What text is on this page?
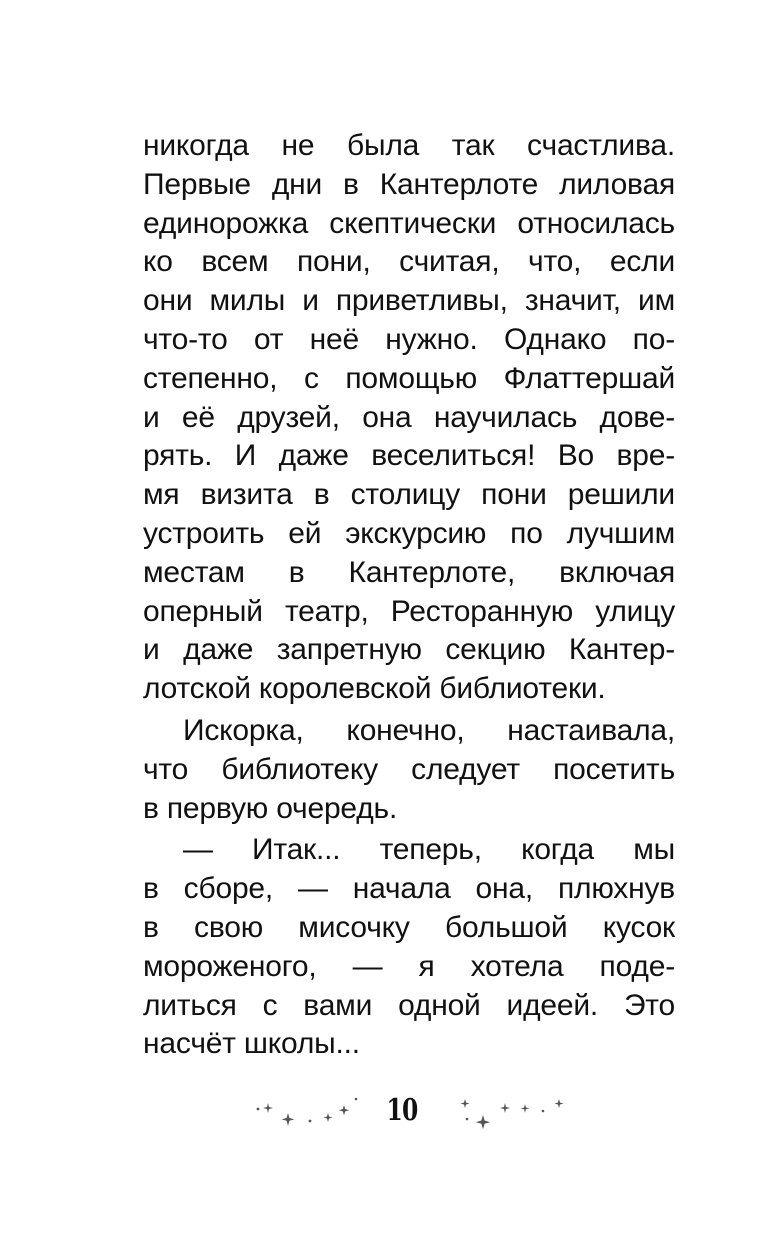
никогда не была так счастлива.
Первые дни в Кантерлоте лиловая
единорожка скептически относилась
ко всем пони, считая, что, если
они милы и приветливы, значит, им
что-то от неё нужно. Однако по-
степенно, с помощью Флаттершай
и её друзей, она научилась дове-
рять. И даже веселиться! Во вре-
мя визита в столицу пони решили
устроить ей экскурсию по лучшим
местам в Кантерлоте, включая
оперный театр, Ресторанную улицу
и даже запретную секцию Кантер-
лотской королевской библиотеки.
Искорка, конечно, настаивала,
что библиотеку следует посетить
в первую очередь.
— Итак... теперь, когда мы
в сборе, — начала она, плюхнув
в свою мисочку большой кусок
мороженого, — я хотела поде-
литься с вами одной идеей. Это
насчёт школы...
10
